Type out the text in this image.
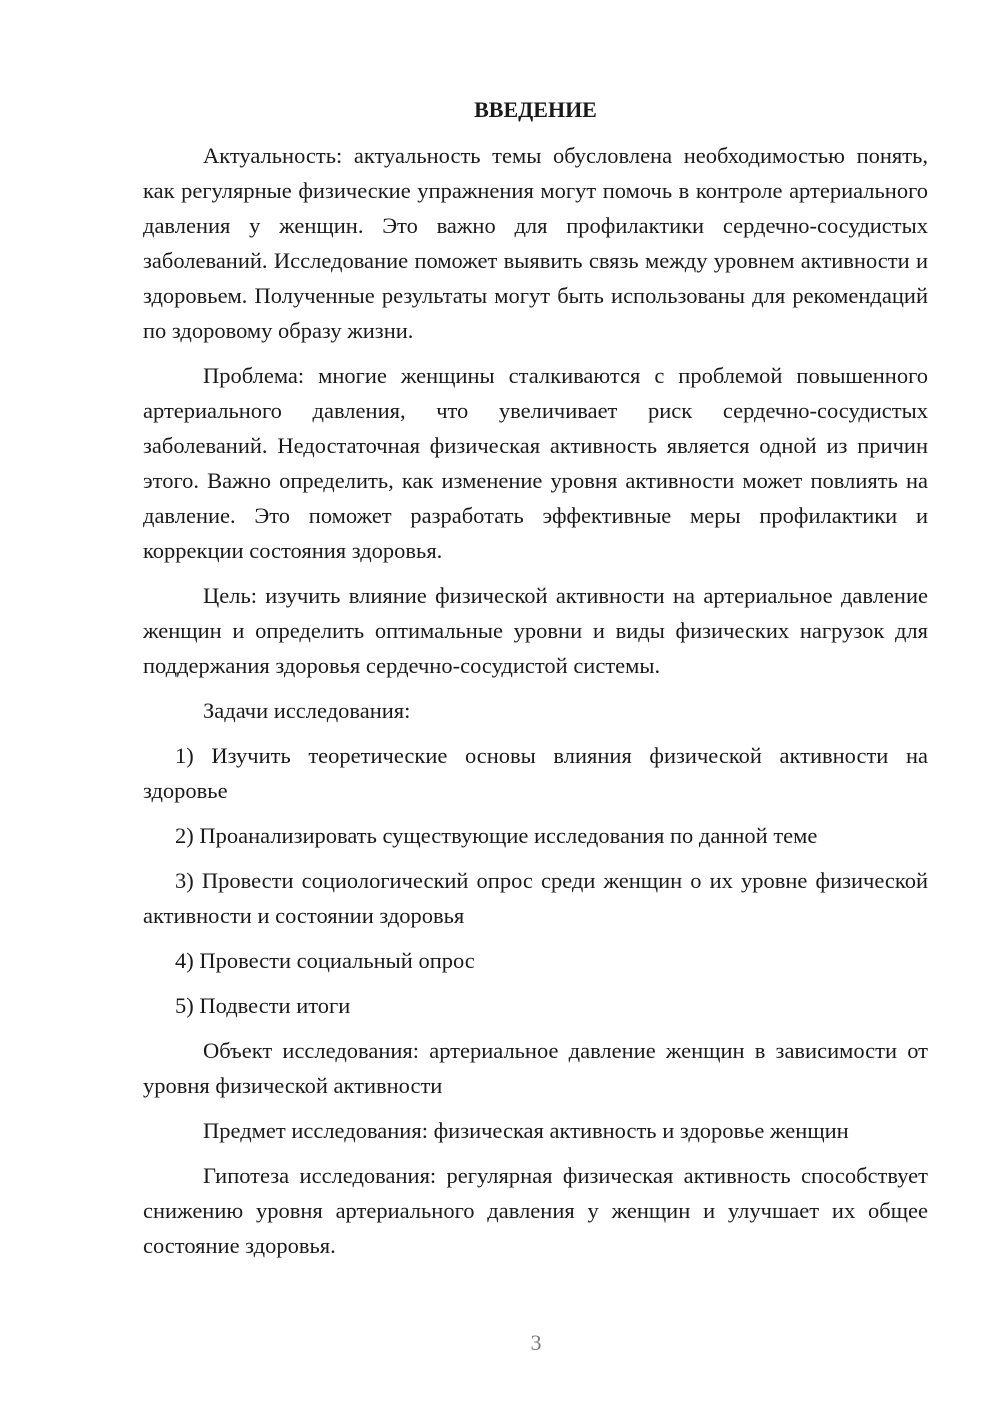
ВВЕДЕНИЕ

Актуальность: актуальность темы обусловлена необходимостью понять, как регулярные физические упражнения могут помочь в контроле артериального давления у женщин. Это важно для профилактики сердечно-сосудистых заболеваний. Исследование поможет выявить связь между уровнем активности и здоровьем. Полученные результаты могут быть использованы для рекомендаций по здоровому образу жизни.

Проблема: многие женщины сталкиваются с проблемой повышенного артериального давления, что увеличивает риск сердечно-сосудистых заболеваний. Недостаточная физическая активность является одной из причин этого. Важно определить, как изменение уровня активности может повлиять на давление. Это поможет разработать эффективные меры профилактики и коррекции состояния здоровья.

Цель: изучить влияние физической активности на артериальное давление женщин и определить оптимальные уровни и виды физических нагрузок для поддержания здоровья сердечно-сосудистой системы.

Задачи исследования:

1) Изучить теоретические основы влияния физической активности на здоровье

2) Проанализировать существующие исследования по данной теме

3) Провести социологический опрос среди женщин о их уровне физической активности и состоянии здоровья

4) Провести социальный опрос

5) Подвести итоги

Объект исследования: артериальное давление женщин в зависимости от уровня физической активности

Предмет исследования: физическая активность и здоровье женщин

Гипотеза исследования: регулярная физическая активность способствует снижению уровня артериального давления у женщин и улучшает их общее состояние здоровья.

3
